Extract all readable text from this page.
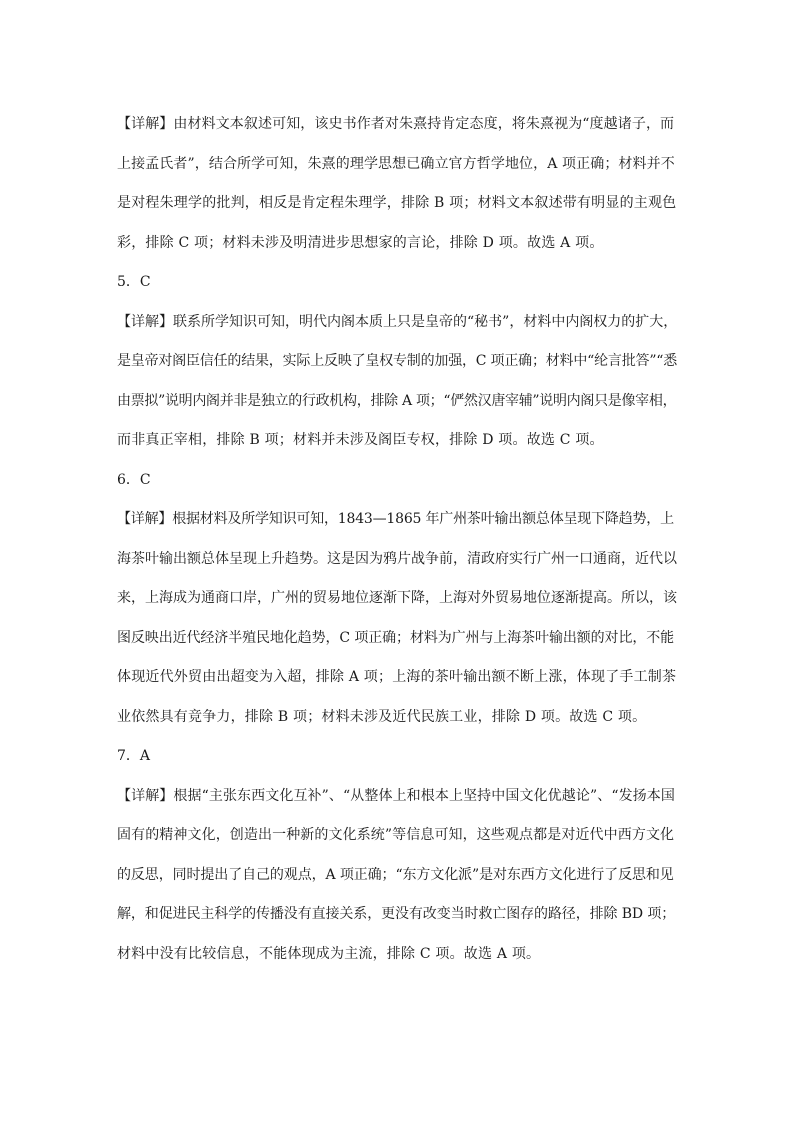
【详解】由材料文本叙述可知，该史书作者对朱熹持肯定态度，将朱熹视为“度越诸子，而
上接孟氏者”，结合所学可知，朱熹的理学思想已确立官方哲学地位，A 项正确；材料并不
是对程朱理学的批判，相反是肯定程朱理学，排除 B 项；材料文本叙述带有明显的主观色
彩，排除 C 项；材料未涉及明清进步思想家的言论，排除 D 项。故选 A 项。

5．C

【详解】联系所学知识可知，明代内阁本质上只是皇帝的“秘书”，材料中内阁权力的扩大，
是皇帝对阁臣信任的结果，实际上反映了皇权专制的加强，C 项正确；材料中“纶言批答”“悉
由票拟”说明内阁并非是独立的行政机构，排除 A 项；“俨然汉唐宰辅”说明内阁只是像宰相，
而非真正宰相，排除 B 项；材料并未涉及阁臣专权，排除 D 项。故选 C 项。

6．C

【详解】根据材料及所学知识可知，1843—1865 年广州茶叶输出额总体呈现下降趋势，上
海茶叶输出额总体呈现上升趋势。这是因为鸦片战争前，清政府实行广州一口通商，近代以
来，上海成为通商口岸，广州的贸易地位逐渐下降，上海对外贸易地位逐渐提高。所以，该
图反映出近代经济半殖民地化趋势，C 项正确；材料为广州与上海茶叶输出额的对比，不能
体现近代外贸由出超变为入超，排除 A 项；上海的茶叶输出额不断上涨，体现了手工制茶
业依然具有竞争力，排除 B 项；材料未涉及近代民族工业，排除 D 项。故选 C 项。

7．A

【详解】根据“主张东西文化互补”、“从整体上和根本上坚持中国文化优越论”、“发扬本国
固有的精神文化，创造出一种新的文化系统”等信息可知，这些观点都是对近代中西方文化
的反思，同时提出了自己的观点，A 项正确；“东方文化派”是对东西方文化进行了反思和见
解，和促进民主科学的传播没有直接关系，更没有改变当时救亡图存的路径，排除 BD 项；
材料中没有比较信息，不能体现成为主流，排除 C 项。故选 A 项。
